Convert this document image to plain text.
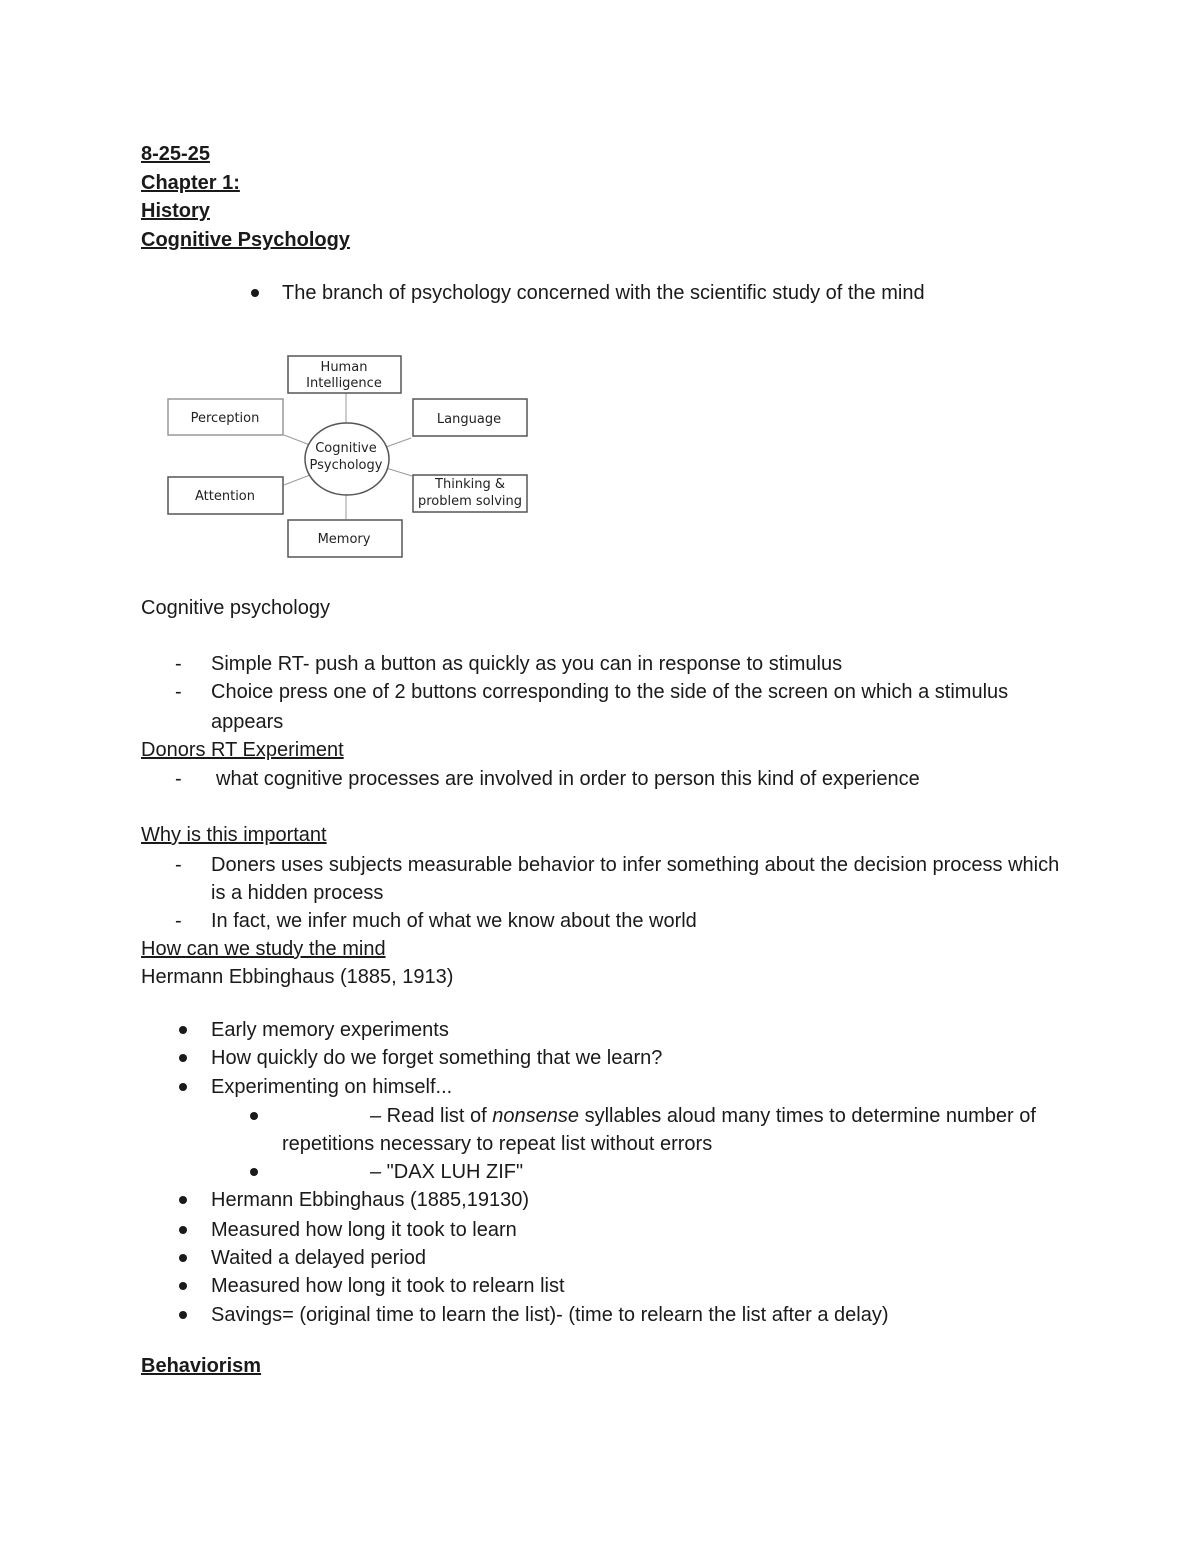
8-25-25
Chapter 1:
History
Cognitive Psychology
The branch of psychology concerned with the scientific study of the mind
Human
Intelligence
Perception	Language
Cognitive
Psychology
Attention
Thinking &
problem solving
Memory
Cognitive psychology
- Simple RT- push a button as quickly as you can in response to stimulus
- Choice press one of 2 buttons corresponding to the side of the screen on which a stimulus
appears
Donors RT Experiment
- what cognitive processes are involved in order to person this kind of experience
Why is this important
- Doners uses subjects measurable behavior to infer something about the decision process which
is a hidden process
- In fact, we infer much of what we know about the world
How can we study the mind
Hermann Ebbinghaus (1885, 1913)
Early memory experiments
How quickly do we forget something that we learn?
Experimenting on himself...
– Read list of nonsense syllables aloud many times to determine number of
repetitions necessary to repeat list without errors
– "DAX LUH ZIF"
Hermann Ebbinghaus (1885,19130)
Measured how long it took to learn
Waited a delayed period
Measured how long it took to relearn list
Savings= (original time to learn the list)- (time to relearn the list after a delay)
Behaviorism
